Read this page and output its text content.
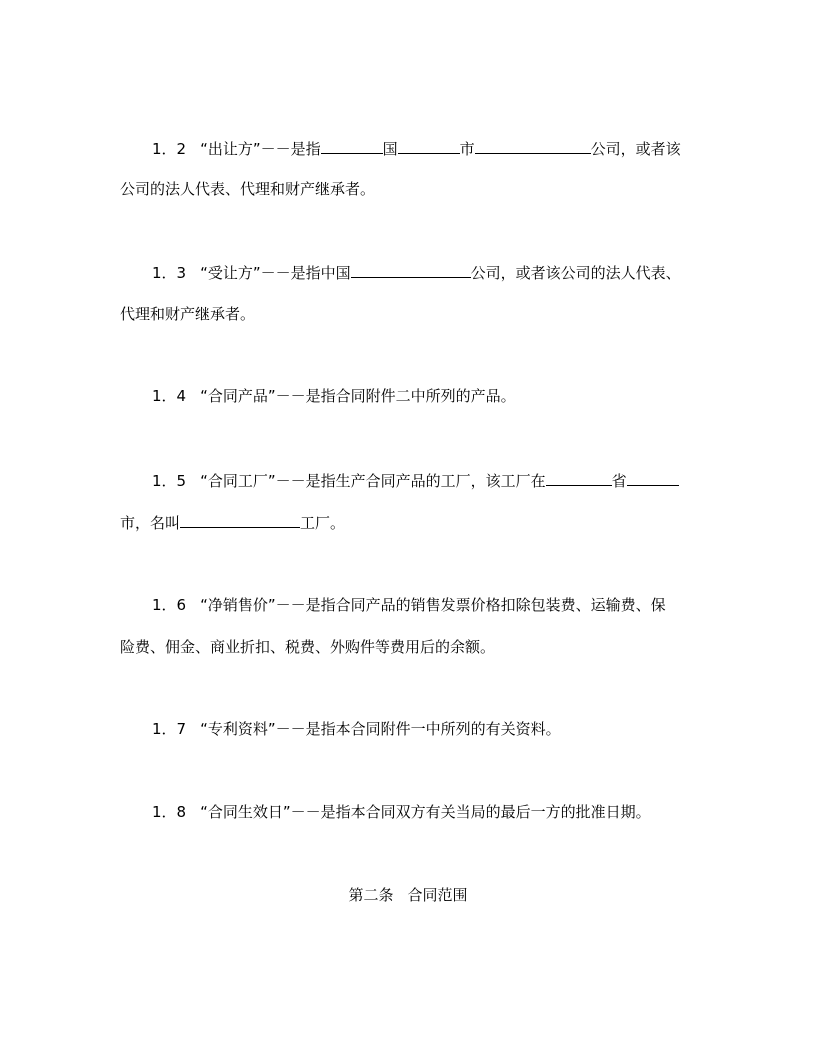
1．2 “出让方”－－是指	国	市	公司，或者该
公司的法人代表、代理和财产继承者。
1．3 “受让方”－－是指中国	公司，或者该公司的法人代表、
代理和财产继承者。
1．4 “合同产品”－－是指合同附件二中所列的产品。
1．5 “合同工厂”－－是指生产合同产品的工厂，该工厂在	省
市，名叫	工厂。
1．6 “净销售价”－－是指合同产品的销售发票价格扣除包装费、运输费、保
险费、佣金、商业折扣、税费、外购件等费用后的余额。
1．7 “专利资料”－－是指本合同附件一中所列的有关资料。
1．8 “合同生效日”－－是指本合同双方有关当局的最后一方的批准日期。
第二条 合同范围
